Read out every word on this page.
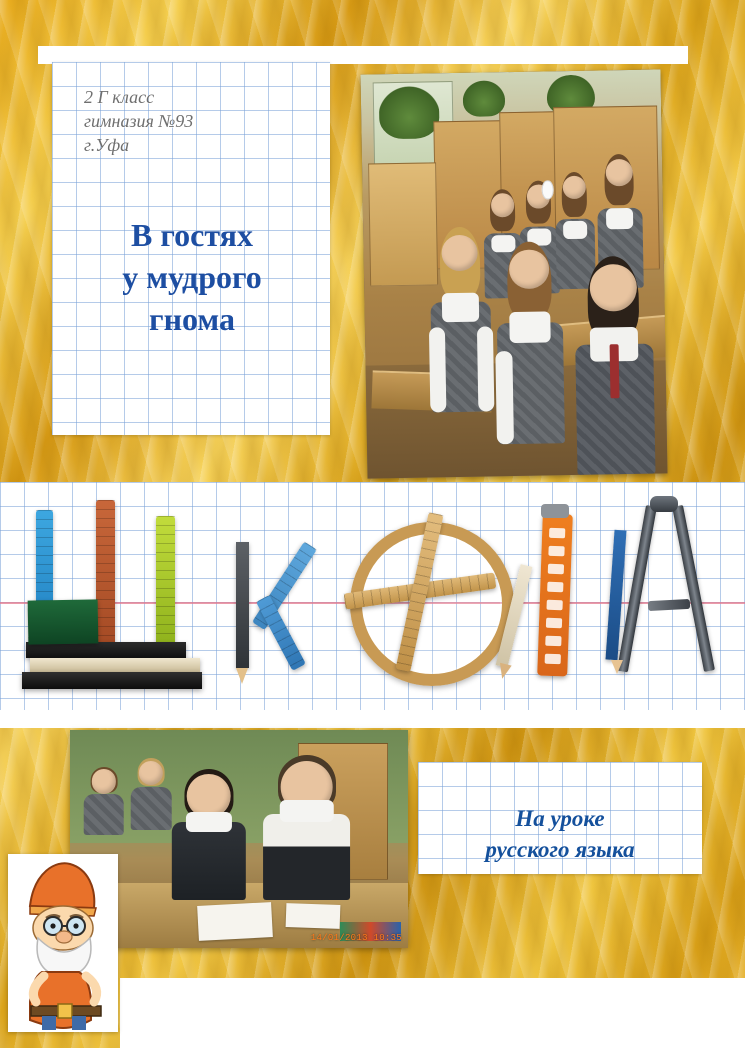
2 Г класс
гимназия №93
г.Уфа
В гостях
у мудрого
гнома
14/01/2013 10:35
На уроке
русского языка
